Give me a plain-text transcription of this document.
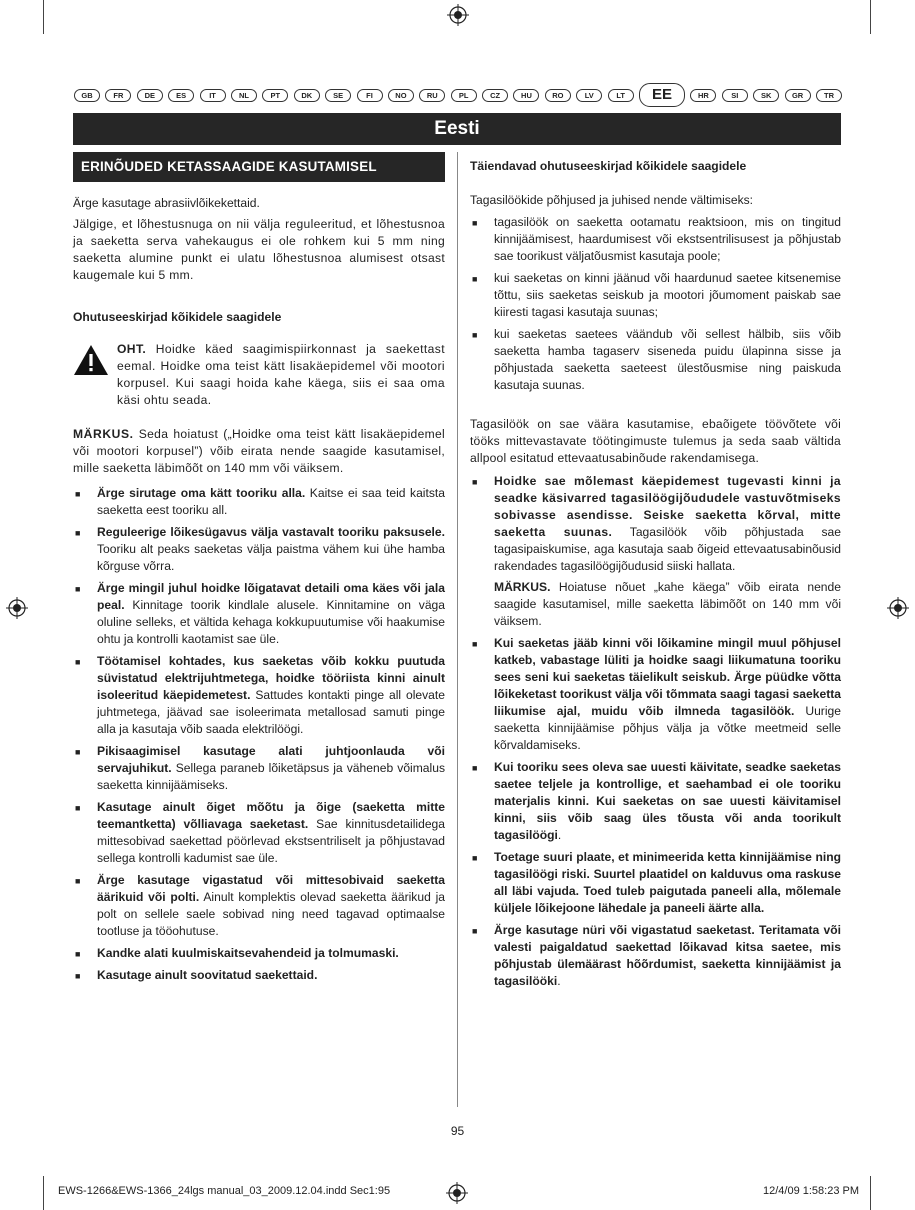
GB	FR	DE	ES	IT	NL	PT	DK	SE	FI	NO	RU	PL	CZ	HU	RO	LV	LT	EE	HR	SI	SK	GR	TR
Eesti
ERINÕUDED KETASSAAGIDE KASUTAMISEL

Ärge kasutage abrasiivlõikekettaid.

Jälgige, et lõhestusnuga on nii välja reguleeritud, et lõhestusnoa ja saeketta serva vahekaugus ei ole rohkem kui 5 mm ning saeketta alumine punkt ei ulatu lõhestusnoa alumisest otsast kaugemale kui 5 mm.

Ohutuseeskirjad kõikidele saagidele

OHT. Hoidke käed saagimispiirkonnast ja saekettast eemal. Hoidke oma teist kätt lisakäepidemel või mootori korpusel. Kui saagi hoida kahe käega, siis ei saa oma käsi ohtu seada.

MÄRKUS. Seda hoiatust („Hoidke oma teist kätt lisakäepidemel või mootori korpusel”) võib eirata nende saagide kasutamisel, mille saeketta läbimõõt on 140 mm või väiksem.

■ Ärge sirutage oma kätt tooriku alla. Kaitse ei saa teid kaitsta saeketta eest tooriku all.
■ Reguleerige lõikesügavus välja vastavalt tooriku paksusele. Tooriku alt peaks saeketas välja paistma vähem kui ühe hamba kõrguse võrra.
■ Ärge mingil juhul hoidke lõigatavat detaili oma käes või jala peal. Kinnitage toorik kindlale alusele. Kinnitamine on väga oluline selleks, et vältida kehaga kokkupuutumise või haakumise ohtu ja kontrolli kaotamist sae üle.
■ Töötamisel kohtades, kus saeketas võib kokku puutuda süvistatud elektrijuhtmetega, hoidke tööriista kinni ainult isoleeritud käepidemetest. Sattudes kontakti pinge all olevate juhtmetega, jäävad sae isoleerimata metallosad samuti pinge alla ja kasutaja võib saada elektrilöögi.
■ Pikisaagimisel kasutage alati juhtjoonlauda või servajuhikut. Sellega paraneb lõiketäpsus ja väheneb võimalus saeketta kinnijäämiseks.
■ Kasutage ainult õiget mõõtu ja õige (saeketta mitte teemantketta) võlliavaga saeketast. Sae kinnitusdetailidega mittesobivad saekettad pöörlevad ekstsentriliselt ja põhjustavad sellega kontrolli kadumist sae üle.
■ Ärge kasutage vigastatud või mittesobivaid saeketta äärikuid või polti. Ainult komplektis olevad saeketta äärikud ja polt on sellele saele sobivad ning need tagavad optimaalse tootluse ja tööohutuse.
■ Kandke alati kuulmiskaitsevahendeid ja tolmumaski.
■ Kasutage ainult soovitatud saekettaid.

Täiendavad ohutuseeskirjad kõikidele saagidele

Tagasilöökide põhjused ja juhised nende vältimiseks:

■ tagasilöök on saeketta ootamatu reaktsioon, mis on tingitud kinnijäämisest, haardumisest või ekstsentrilisusest ja põhjustab sae toorikust väljatõusmist kasutaja poole;
■ kui saeketas on kinni jäänud või haardunud saetee kitsenemise tõttu, siis saeketas seiskub ja mootori jõumoment paiskab sae kiiresti tagasi kasutaja suunas;
■ kui saeketas saetees väändub või sellest hälbib, siis võib saeketta hamba tagaserv siseneda puidu ülapinna sisse ja põhjustada saeketta saeteest ülestõusmise ning paiskuda kasutaja suunas.

Tagasilöök on sae väära kasutamise, ebaõigete töövõtete või tööks mittevastavate töötingimuste tulemus ja seda saab vältida allpool esitatud ettevaatusabinõude rakendamisega.

■ Hoidke sae mõlemast käepidemest tugevasti kinni ja seadke käsivarred tagasilöögijõududele vastuvõtmiseks sobivasse asendisse. Seiske saeketta kõrval, mitte saeketta suunas. Tagasilöök võib põhjustada sae tagasipaiskumise, aga kasutaja saab õigeid ettevaatusabinõusid rakendades tagasilöögijõudusid siiski hallata.

MÄRKUS. Hoiatuse nõuet „kahe käega” võib eirata nende saagide kasutamisel, mille saeketta läbimõõt on 140 mm või väiksem.

■ Kui saeketas jääb kinni või lõikamine mingil muul põhjusel katkeb, vabastage lüliti ja hoidke saagi liikumatuna tooriku sees seni kui saeketas täielikult seiskub. Ärge püüdke võtta lõikeketast toorikust välja või tõmmata saagi tagasi saeketta liikumise ajal, muidu võib ilmneda tagasilöök. Uurige saeketta kinnijäämise põhjus välja ja võtke meetmeid selle kõrvaldamiseks.
■ Kui tooriku sees oleva sae uuesti käivitate, seadke saeketas saetee teljele ja kontrollige, et saehambad ei ole tooriku materjalis kinni. Kui saeketas on sae uuesti käivitamisel kinni, siis võib saag üles tõusta või anda toorikult tagasilöögi.
■ Toetage suuri plaate, et minimeerida ketta kinnijäämise ning tagasilöögi riski. Suurtel plaatidel on kalduvus oma raskuse all läbi vajuda. Toed tuleb paigutada paneeli alla, mõlemale küljele lõikejoone lähedale ja paneeli äärte alla.
■ Ärge kasutage nüri või vigastatud saeketast. Teritamata või valesti paigaldatud saekettad lõikavad kitsa saetee, mis põhjustab ülemäärast hõõrdumist, saeketta kinnijäämist ja tagasilööki.
95
EWS-1266&EWS-1366_24lgs manual_03_2009.12.04.indd Sec1:95	12/4/09 1:58:23 PM
